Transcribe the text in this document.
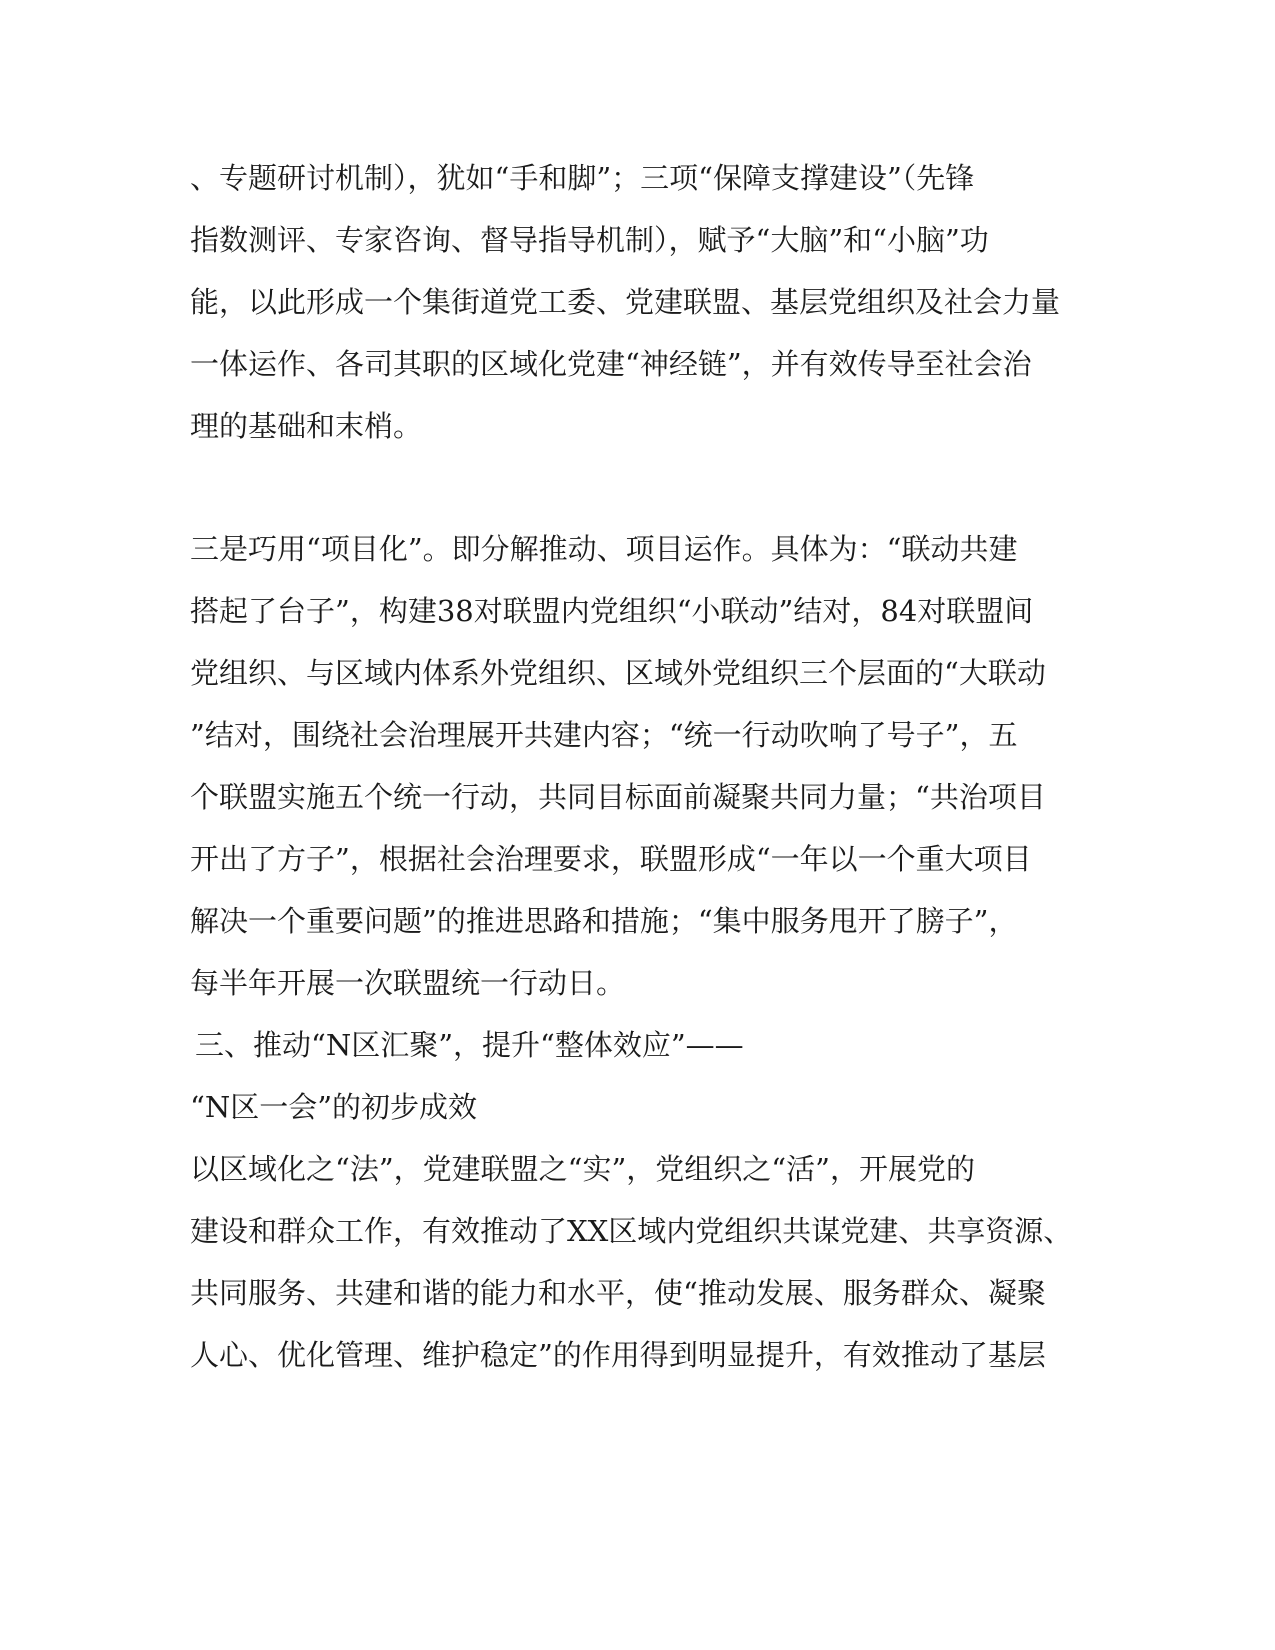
、专题研讨机制），犹如“手和脚”；三项“保障支撑建设”（先锋
指数测评、专家咨询、督导指导机制），赋予“大脑”和“小脑”功
能，以此形成一个集街道党工委、党建联盟、基层党组织及社会力量
一体运作、各司其职的区域化党建“神经链”，并有效传导至社会治
理的基础和末梢。
三是巧用“项目化”。即分解推动、项目运作。具体为：“联动共建
搭起了台子”，构建38对联盟内党组织“小联动”结对，84对联盟间
党组织、与区域内体系外党组织、区域外党组织三个层面的“大联动
”结对，围绕社会治理展开共建内容；“统一行动吹响了号子”，五
个联盟实施五个统一行动，共同目标面前凝聚共同力量；“共治项目
开出了方子”，根据社会治理要求，联盟形成“一年以一个重大项目
解决一个重要问题”的推进思路和措施；“集中服务甩开了膀子”，
每半年开展一次联盟统一行动日。
三、推动“N区汇聚”，提升“整体效应”——
“N区一会”的初步成效
以区域化之“法”，党建联盟之“实”，党组织之“活”，开展党的
建设和群众工作，有效推动了XX区域内党组织共谋党建、共享资源、
共同服务、共建和谐的能力和水平，使“推动发展、服务群众、凝聚
人心、优化管理、维护稳定”的作用得到明显提升，有效推动了基层
